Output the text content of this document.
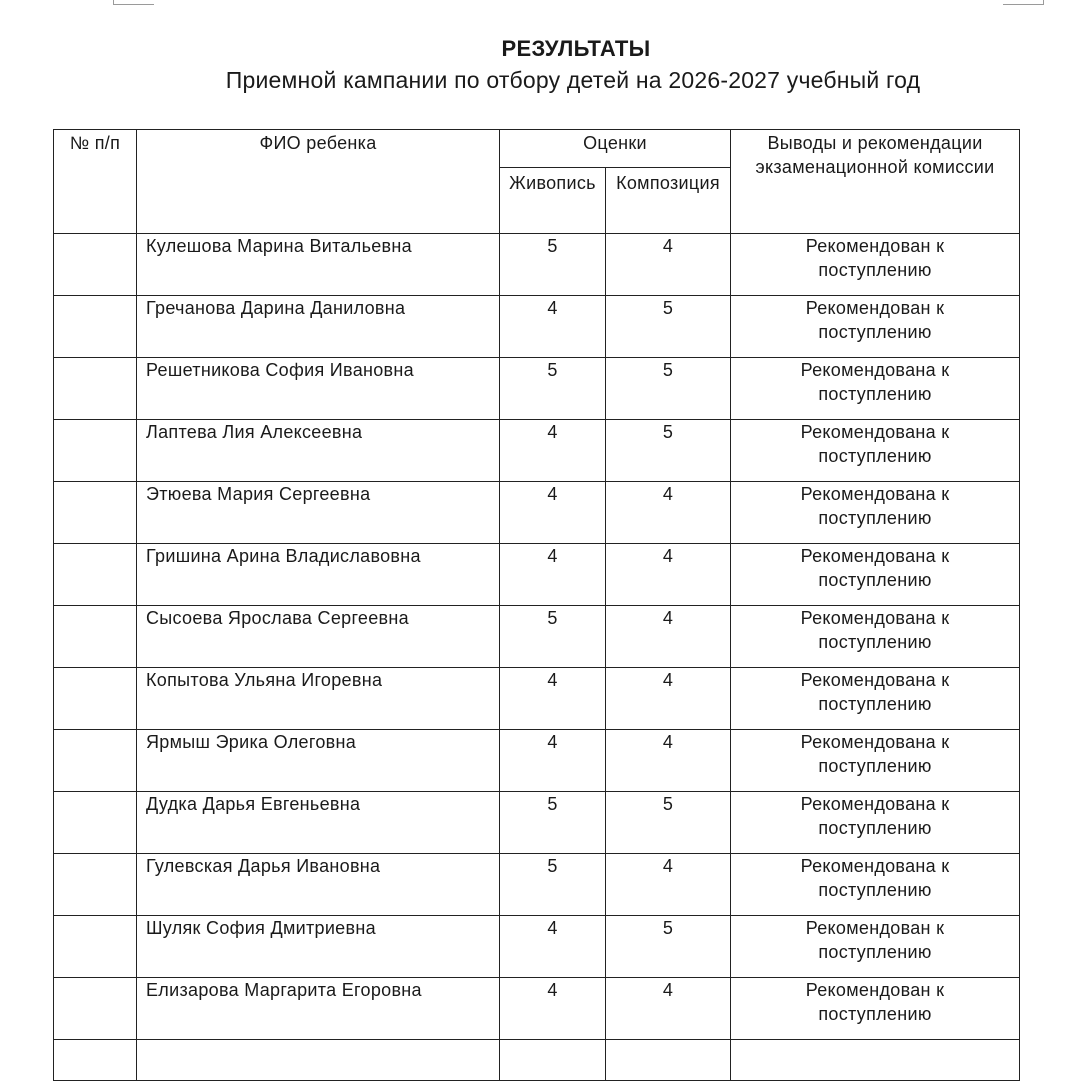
РЕЗУЛЬТАТЫ
Приемной кампании по отбору детей на 2026-2027 учебный год
№ п/п	ФИО ребенка	Оценки		Выводы и рекомендации экзаменационной комиссии
		Живопись	Композиция	
	Кулешова Марина Витальевна	5	4	Рекомендован к поступлению
	Гречанова Дарина Даниловна	4	5	Рекомендован к поступлению
	Решетникова София Ивановна	5	5	Рекомендована к поступлению
	Лаптева Лия Алексеевна	4	5	Рекомендована к поступлению
	Этюева Мария Сергеевна	4	4	Рекомендована к поступлению
	Гришина Арина Владиславовна	4	4	Рекомендована к поступлению
	Сысоева Ярослава Сергеевна	5	4	Рекомендована к поступлению
	Копытова Ульяна Игоревна	4	4	Рекомендована к поступлению
	Ярмыш Эрика Олеговна	4	4	Рекомендована к поступлению
	Дудка Дарья Евгеньевна	5	5	Рекомендована к поступлению
	Гулевская Дарья Ивановна	5	4	Рекомендована к поступлению
	Шуляк София Дмитриевна	4	5	Рекомендован к поступлению
	Елизарова Маргарита Егоровна	4	4	Рекомендован к поступлению
